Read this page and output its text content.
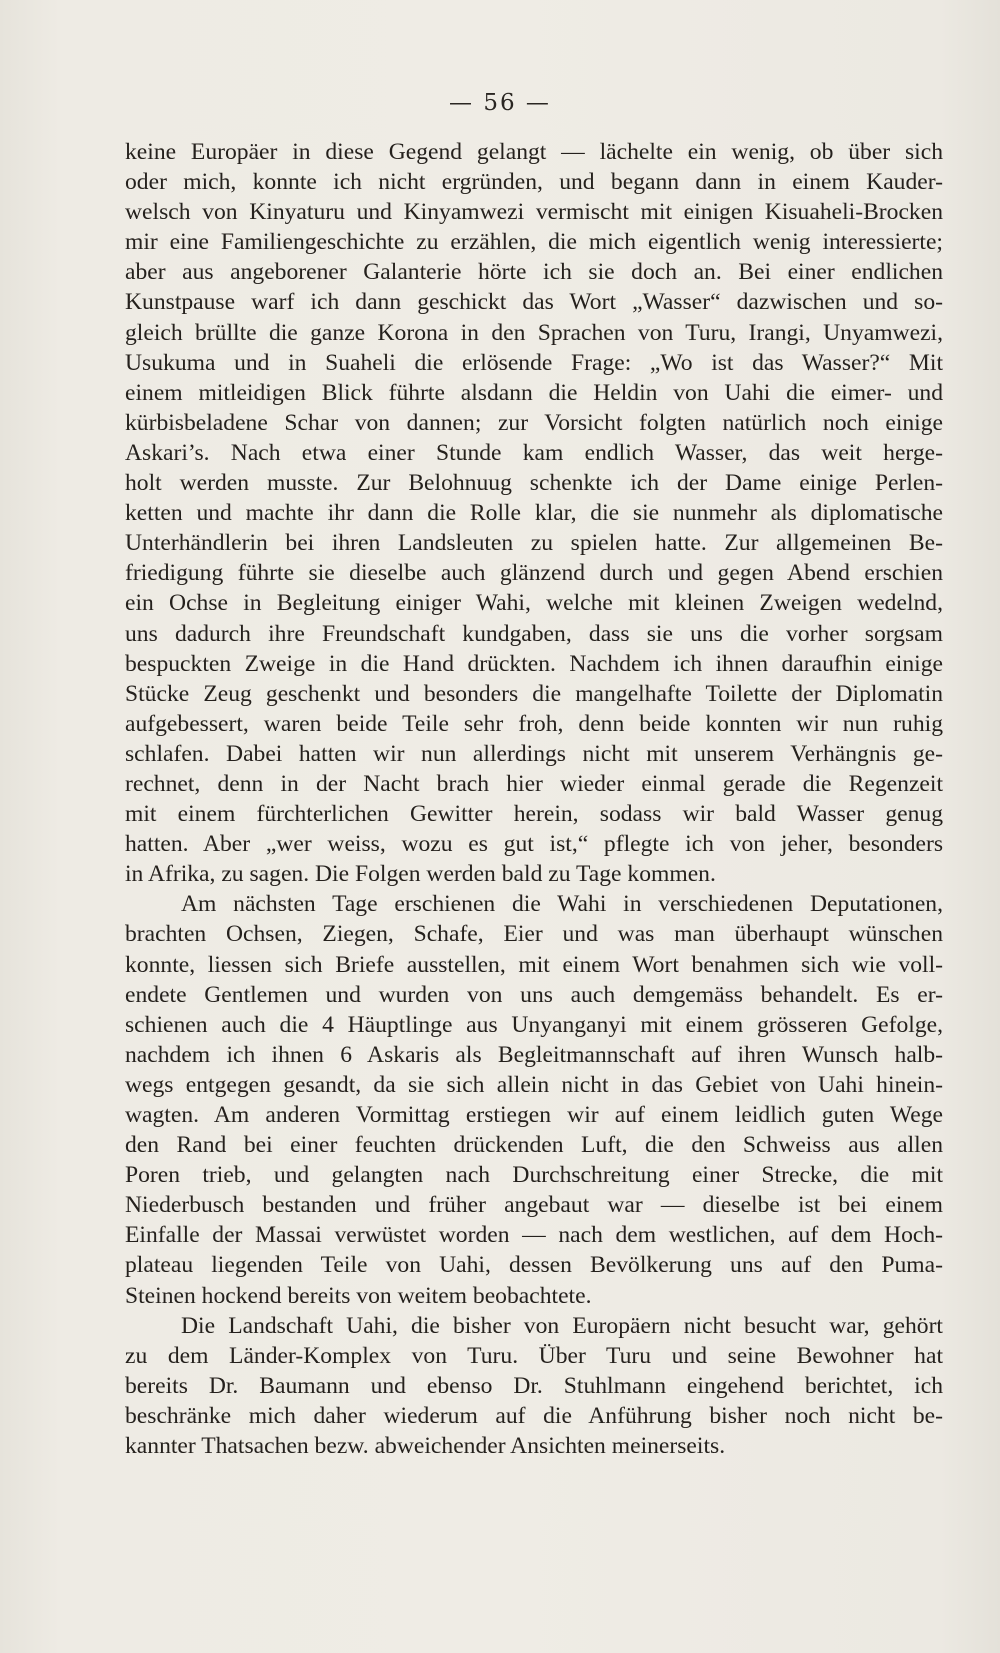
— 56 —
keine Europäer in diese Gegend gelangt — lächelte ein wenig, ob über sich
oder mich, konnte ich nicht ergründen, und begann dann in einem Kauder-
welsch von Kinyaturu und Kinyamwezi vermischt mit einigen Kisuaheli-Brocken
mir eine Familiengeschichte zu erzählen, die mich eigentlich wenig interessierte;
aber aus angeborener Galanterie hörte ich sie doch an. Bei einer endlichen
Kunstpause warf ich dann geschickt das Wort „Wasser“ dazwischen und so-
gleich brüllte die ganze Korona in den Sprachen von Turu, Irangi, Unyamwezi,
Usukuma und in Suaheli die erlösende Frage: „Wo ist das Wasser?“ Mit
einem mitleidigen Blick führte alsdann die Heldin von Uahi die eimer- und
kürbisbeladene Schar von dannen; zur Vorsicht folgten natürlich noch einige
Askari’s. Nach etwa einer Stunde kam endlich Wasser, das weit herge-
holt werden musste. Zur Belohnuug schenkte ich der Dame einige Perlen-
ketten und machte ihr dann die Rolle klar, die sie nunmehr als diplomatische
Unterhändlerin bei ihren Landsleuten zu spielen hatte. Zur allgemeinen Be-
friedigung führte sie dieselbe auch glänzend durch und gegen Abend erschien
ein Ochse in Begleitung einiger Wahi, welche mit kleinen Zweigen wedelnd,
uns dadurch ihre Freundschaft kundgaben, dass sie uns die vorher sorgsam
bespuckten Zweige in die Hand drückten. Nachdem ich ihnen daraufhin einige
Stücke Zeug geschenkt und besonders die mangelhafte Toilette der Diplomatin
aufgebessert, waren beide Teile sehr froh, denn beide konnten wir nun ruhig
schlafen. Dabei hatten wir nun allerdings nicht mit unserem Verhängnis ge-
rechnet, denn in der Nacht brach hier wieder einmal gerade die Regenzeit
mit einem fürchterlichen Gewitter herein, sodass wir bald Wasser genug
hatten. Aber „wer weiss, wozu es gut ist,“ pflegte ich von jeher, besonders
in Afrika, zu sagen. Die Folgen werden bald zu Tage kommen.
Am nächsten Tage erschienen die Wahi in verschiedenen Deputationen,
brachten Ochsen, Ziegen, Schafe, Eier und was man überhaupt wünschen
konnte, liessen sich Briefe ausstellen, mit einem Wort benahmen sich wie voll-
endete Gentlemen und wurden von uns auch demgemäss behandelt. Es er-
schienen auch die 4 Häuptlinge aus Unyanganyi mit einem grösseren Gefolge,
nachdem ich ihnen 6 Askaris als Begleitmannschaft auf ihren Wunsch halb-
wegs entgegen gesandt, da sie sich allein nicht in das Gebiet von Uahi hinein-
wagten. Am anderen Vormittag erstiegen wir auf einem leidlich guten Wege
den Rand bei einer feuchten drückenden Luft, die den Schweiss aus allen
Poren trieb, und gelangten nach Durchschreitung einer Strecke, die mit
Niederbusch bestanden und früher angebaut war — dieselbe ist bei einem
Einfalle der Massai verwüstet worden — nach dem westlichen, auf dem Hoch-
plateau liegenden Teile von Uahi, dessen Bevölkerung uns auf den Puma-
Steinen hockend bereits von weitem beobachtete.
Die Landschaft Uahi, die bisher von Europäern nicht besucht war, gehört
zu dem Länder-Komplex von Turu. Über Turu und seine Bewohner hat
bereits Dr. Baumann und ebenso Dr. Stuhlmann eingehend berichtet, ich
beschränke mich daher wiederum auf die Anführung bisher noch nicht be-
kannter Thatsachen bezw. abweichender Ansichten meinerseits.
